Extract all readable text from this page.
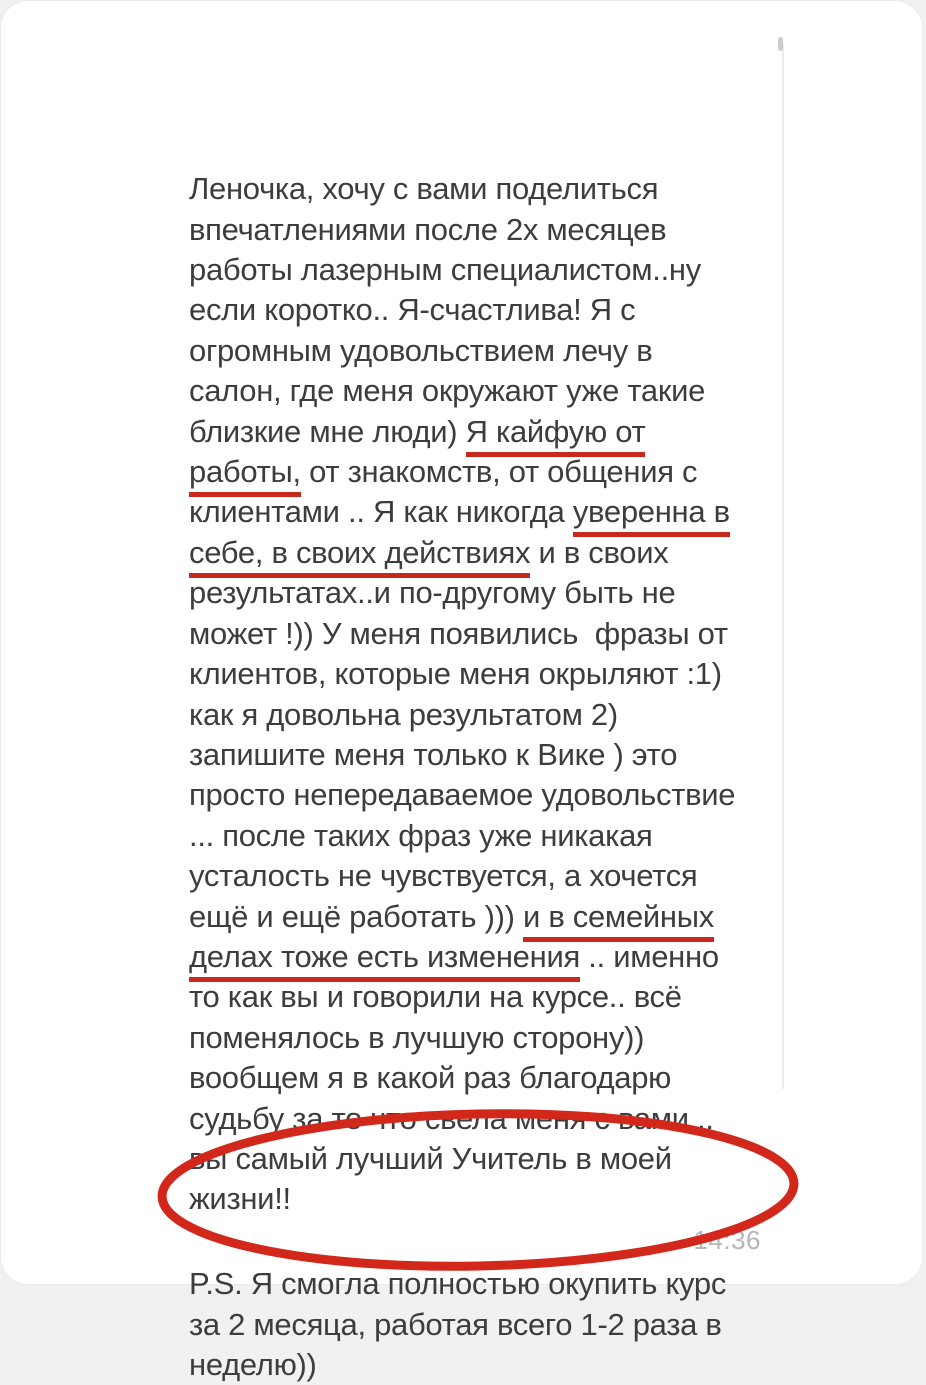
Леночка, хочу с вами поделиться
впечатлениями после 2х месяцев
работы лазерным специалистом..ну
если коротко.. Я-счастлива! Я с
огромным удовольствием лечу в
салон, где меня окружают уже такие
близкие мне люди) Я кайфую от
работы, от знакомств, от общения с
клиентами .. Я как никогда уверенна в
себе, в своих действиях и в своих
результатах..и по-другому быть не
может !)) У меня появились  фразы от
клиентов, которые меня окрыляют :1)
как я довольна результатом 2)
запишите меня только к Вике ) это
просто непередаваемое удовольствие
... после таких фраз уже никакая
усталость не чувствуется, а хочется
ещё и ещё работать ))) и в семейных
делах тоже есть изменения .. именно
то как вы и говорили на курсе.. всё
поменялось в лучшую сторону))
вообщем я в какой раз благодарю
судьбу за то что свела меня с вами ..
вы самый лучший Учитель в моей
жизни!!

P.S. Я смогла полностью окупить курс
за 2 месяца, работая всего 1-2 раза в
неделю))
14:36
